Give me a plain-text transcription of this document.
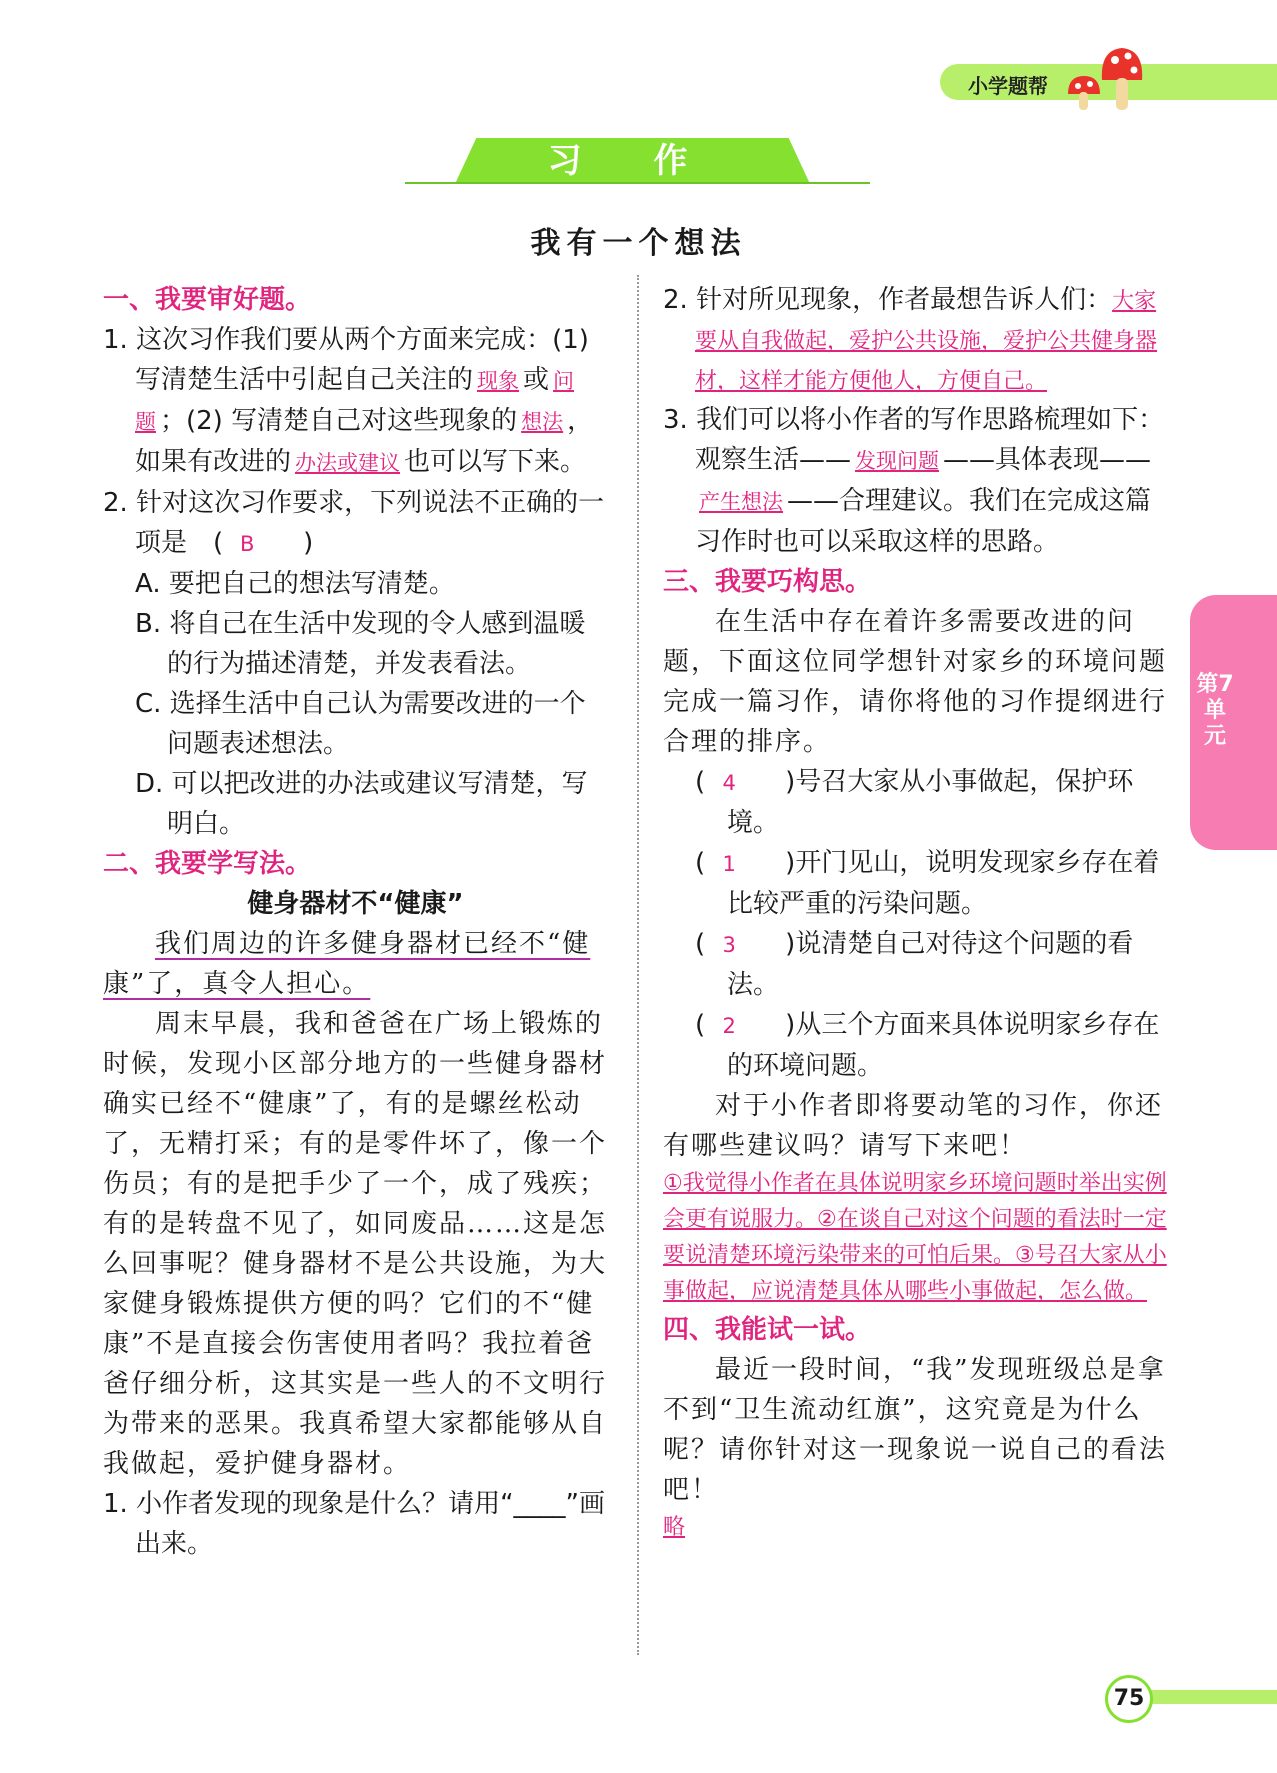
小学题帮
习 作
我有一个想法

一、我要审好题。

1. 这次习作我们要从两个方面来完成：(1) 写清楚生活中引起自己关注的 现象 或 问题 ；(2) 写清楚自己对这些现象的 想法 ，如果有改进的 办法或建议 也可以写下来。

2. 针对这次习作要求，下列说法不正确的一项是　( B )

A. 要把自己的想法写清楚。

B. 将自己在生活中发现的令人感到温暖的行为描述清楚，并发表看法。

C. 选择生活中自己认为需要改进的一个问题表述想法。

D. 可以把改进的办法或建议写清楚，写明白。

二、我要学写法。

健身器材不“健康”

我们周边的许多健身器材已经不“健康”了，真令人担心。

周末早晨，我和爸爸在广场上锻炼的时候，发现小区部分地方的一些健身器材确实已经不“健康”了，有的是螺丝松动了，无精打采；有的是零件坏了，像一个伤员；有的是把手少了一个，成了残疾；有的是转盘不见了，如同废品……这是怎么回事呢？健身器材不是公共设施，为大家健身锻炼提供方便的吗？它们的不“健康”不是直接会伤害使用者吗？我拉着爸爸仔细分析，这其实是一些人的不文明行为带来的恶果。我真希望大家都能够从自我做起，爱护健身器材。

1. 小作者发现的现象是什么？请用“____”画出来。

2. 针对所见现象，作者最想告诉人们：大家要从自我做起，爱护公共设施，爱护公共健身器材，这样才能方便他人，方便自己。

3. 我们可以将小作者的写作思路梳理如下：观察生活—— 发现问题 ——具体表现——产生想法 ——合理建议。我们在完成这篇习作时也可以采取这样的思路。

三、我要巧构思。

在生活中存在着许多需要改进的问题，下面这位同学想针对家乡的环境问题完成一篇习作，请你将他的习作提纲进行合理的排序。

( 4 )号召大家从小事做起，保护环境。

( 1 )开门见山，说明发现家乡存在着比较严重的污染问题。

( 3 )说清楚自己对待这个问题的看法。

( 2 )从三个方面来具体说明家乡存在的环境问题。

对于小作者即将要动笔的习作，你还有哪些建议吗？请写下来吧！

①我觉得小作者在具体说明家乡环境问题时举出实例会更有说服力。②在谈自己对这个问题的看法时一定要说清楚环境污染带来的可怕后果。③号召大家从小事做起，应说清楚具体从哪些小事做起，怎么做。

四、我能试一试。

最近一段时间，“我”发现班级总是拿不到“卫生流动红旗”，这究竟是为什么呢？请你针对这一现象说一说自己的看法吧！

略

第7
单元
75
